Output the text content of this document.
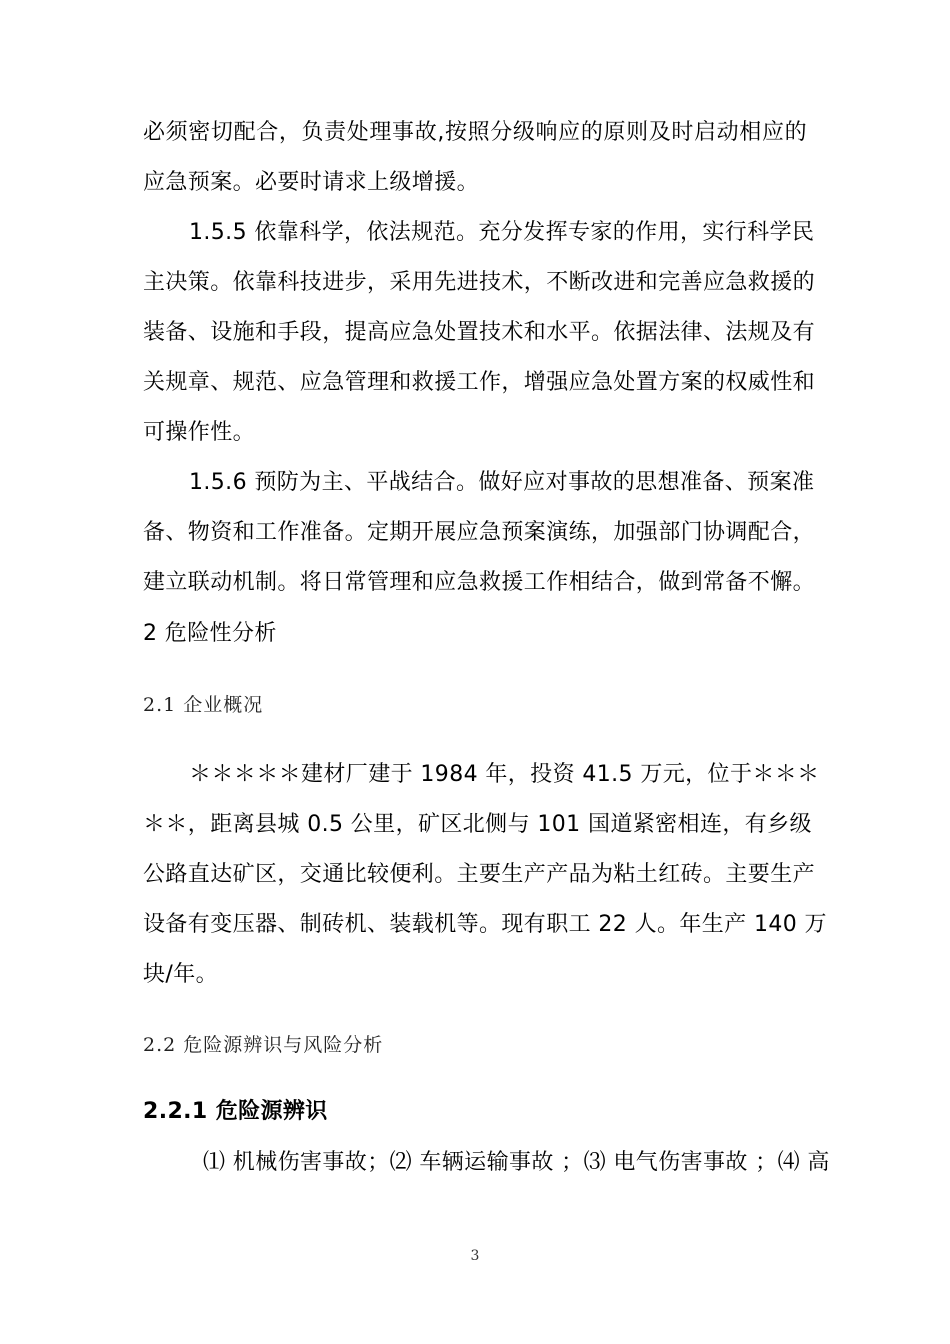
必须密切配合，负责处理事故,按照分级响应的原则及时启动相应的
应急预案。必要时请求上级增援。
1.5.5 依靠科学，依法规范。充分发挥专家的作用，实行科学民
主决策。依靠科技进步，采用先进技术，不断改进和完善应急救援的
装备、设施和手段，提高应急处置技术和水平。依据法律、法规及有
关规章、规范、应急管理和救援工作，增强应急处置方案的权威性和
可操作性。
1.5.6 预防为主、平战结合。做好应对事故的思想准备、预案准
备、物资和工作准备。定期开展应急预案演练，加强部门协调配合，
建立联动机制。将日常管理和应急救援工作相结合，做到常备不懈。
2 危险性分析
2.1 企业概况
＊＊＊＊＊建材厂建于 1984 年，投资 41.5 万元，位于＊＊＊
＊＊，距离县城 0.5 公里，矿区北侧与 101 国道紧密相连，有乡级
公路直达矿区，交通比较便利。主要生产产品为粘土红砖。主要生产
设备有变压器、制砖机、装载机等。现有职工 22 人。年生产 140 万
块/年。
2.2 危险源辨识与风险分析
2.2.1 危险源辨识
⑴ 机械伤害事故；⑵ 车辆运输事故 ；⑶ 电气伤害事故 ；⑷ 高
3
